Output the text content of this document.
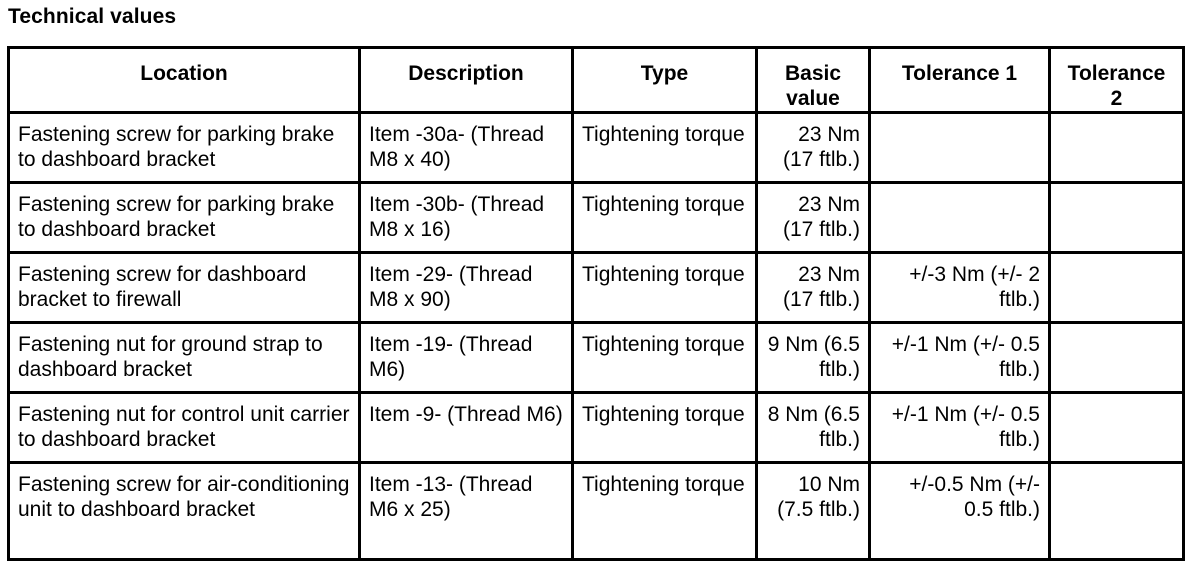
Technical values
Location	Description	Type	Basic value	Tolerance 1	Tolerance 2
Fastening screw for parking brake to dashboard bracket	Item -30a- (Thread M8 x 40)	Tightening torque	23 Nm (17 ftlb.)		
Fastening screw for parking brake to dashboard bracket	Item -30b- (Thread M8 x 16)	Tightening torque	23 Nm (17 ftlb.)		
Fastening screw for dashboard bracket to firewall	Item -29- (Thread M8 x 90)	Tightening torque	23 Nm (17 ftlb.)	+/-3 Nm (+/- 2 ftlb.)	
Fastening nut for ground strap to dashboard bracket	Item -19- (Thread M6)	Tightening torque	9 Nm (6.5 ftlb.)	+/-1 Nm (+/- 0.5 ftlb.)	
Fastening nut for control unit carrier to dashboard bracket	Item -9- (Thread M6)	Tightening torque	8 Nm (6.5 ftlb.)	+/-1 Nm (+/- 0.5 ftlb.)	
Fastening screw for air-conditioning unit to dashboard bracket	Item -13- (Thread M6 x 25)	Tightening torque	10 Nm (7.5 ftlb.)	+/-0.5 Nm (+/- 0.5 ftlb.)	
